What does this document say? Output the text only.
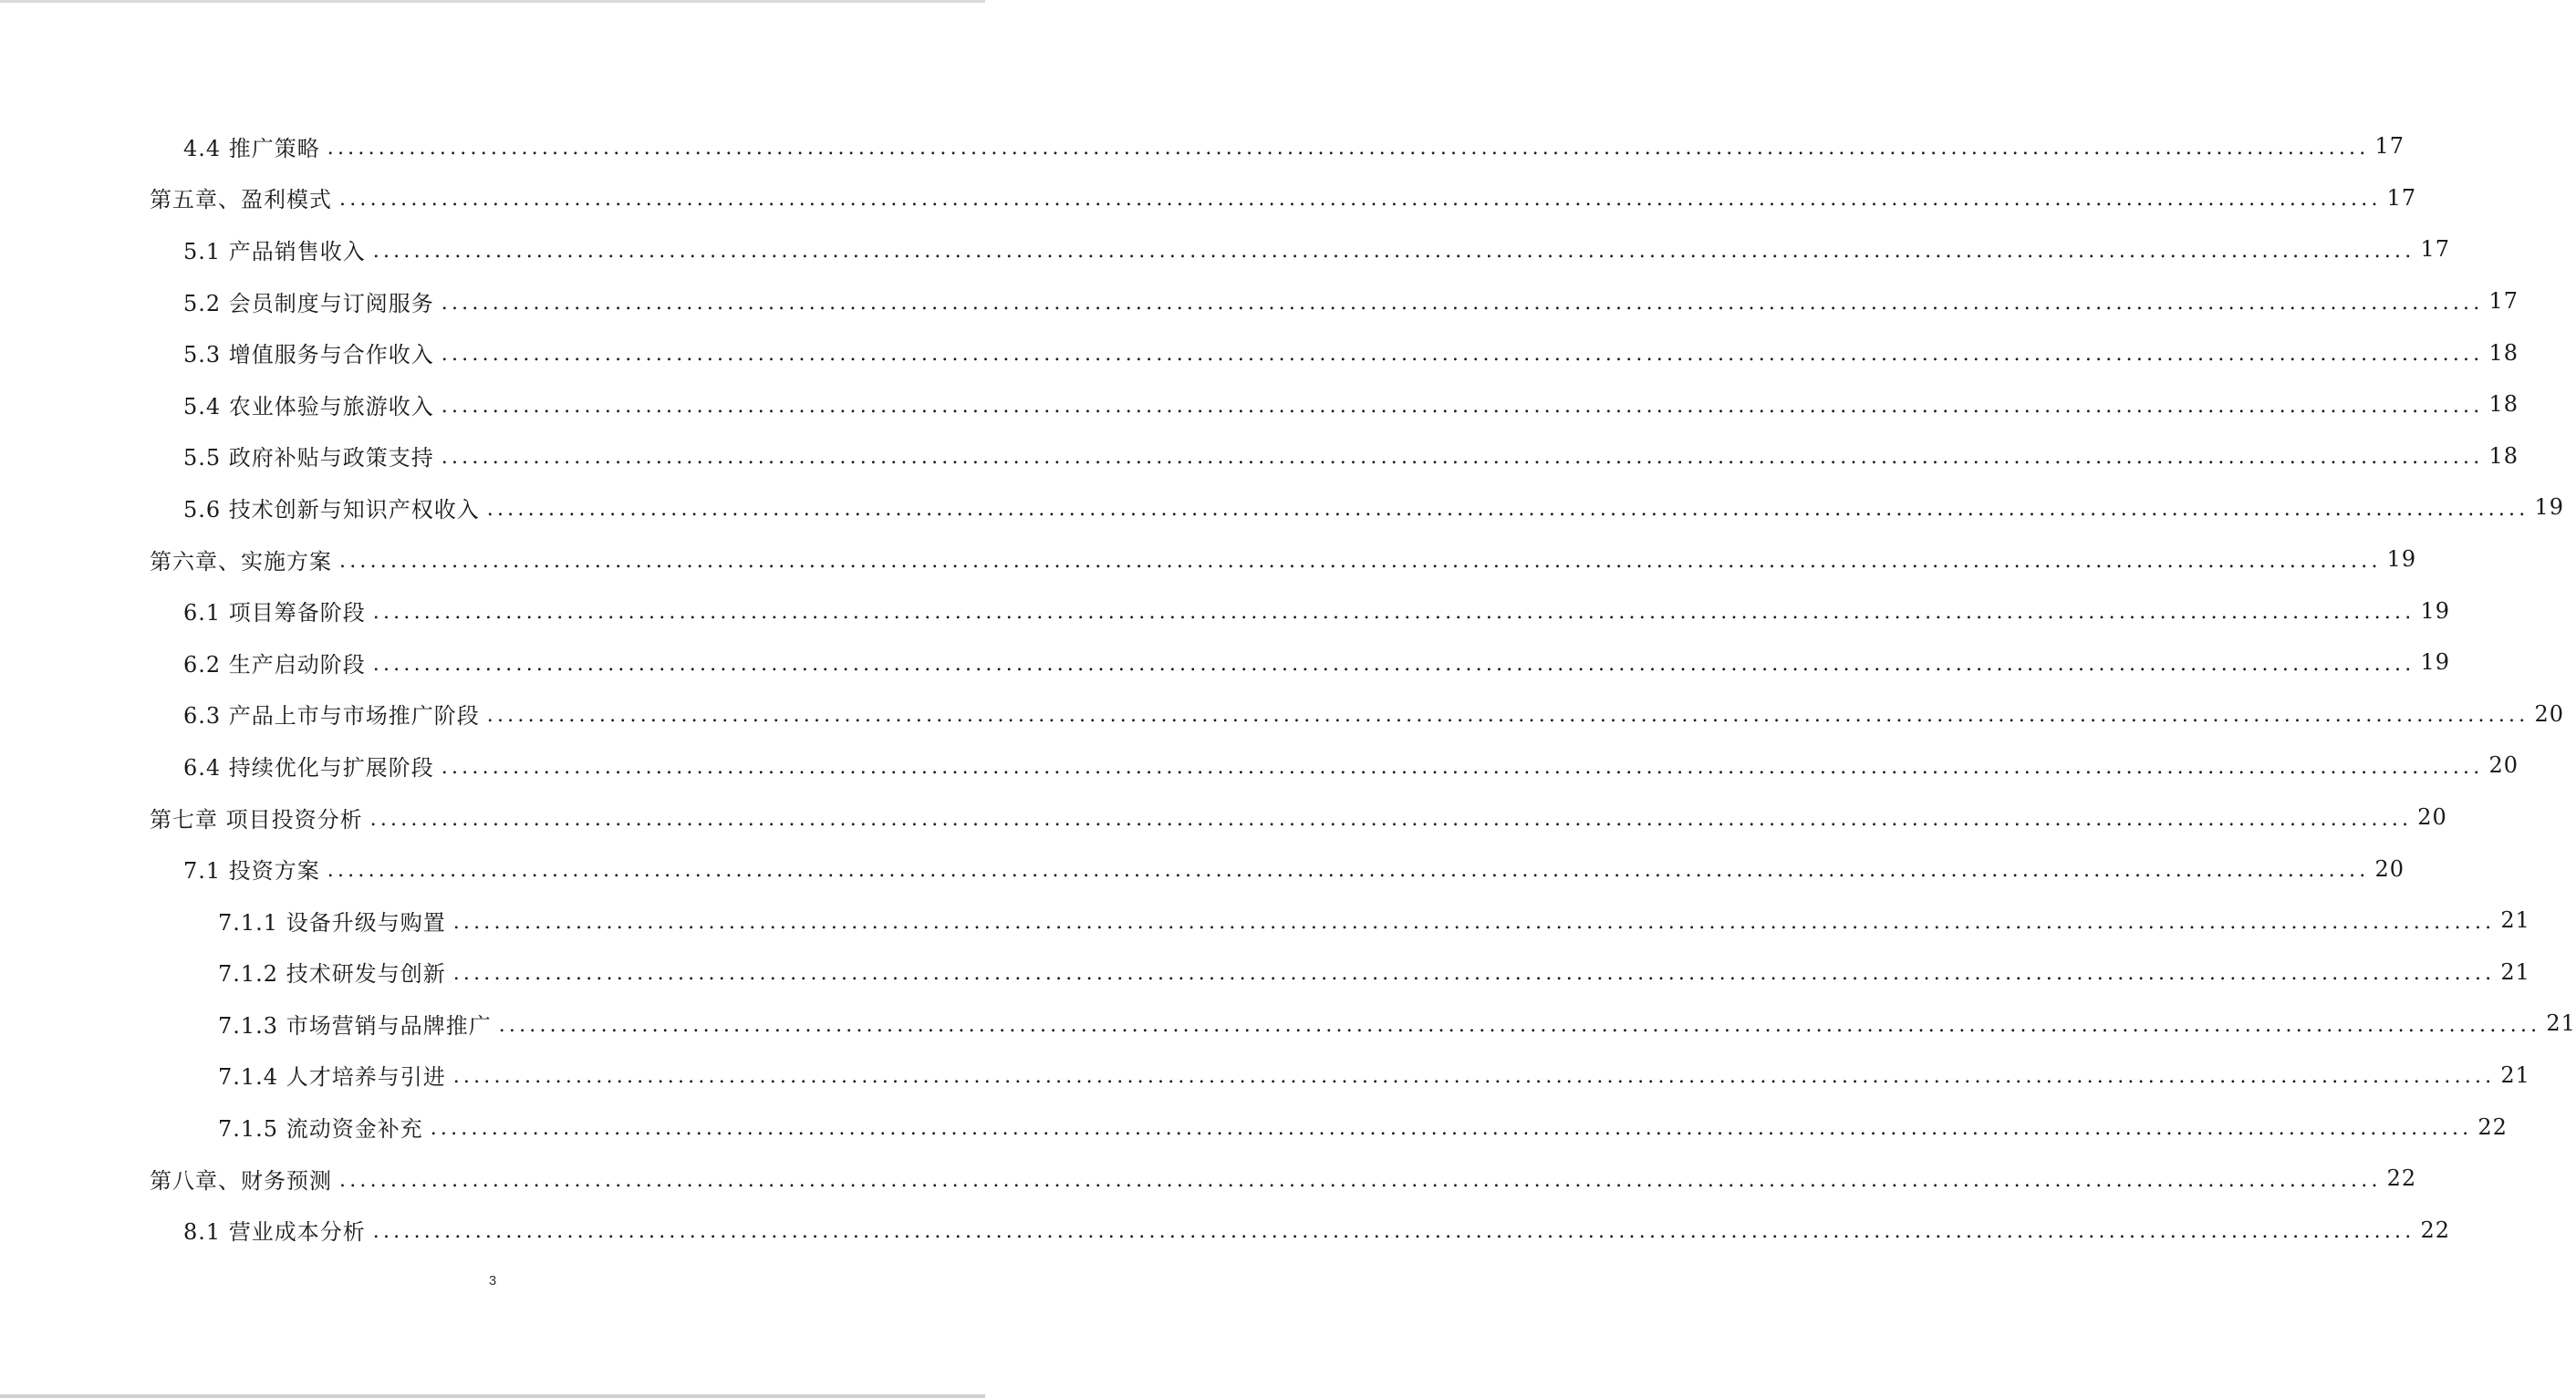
4.4 推广策略 ........................................................................................................................................................................................................ 17
第五章、盈利模式 ........................................................................................................................................................................................................ 17
5.1 产品销售收入 ........................................................................................................................................................................................................ 17
5.2 会员制度与订阅服务 ........................................................................................................................................................................................................ 17
5.3 增值服务与合作收入 ........................................................................................................................................................................................................ 18
5.4 农业体验与旅游收入 ........................................................................................................................................................................................................ 18
5.5 政府补贴与政策支持 ........................................................................................................................................................................................................ 18
5.6 技术创新与知识产权收入 ........................................................................................................................................................................................................ 19
第六章、实施方案 ........................................................................................................................................................................................................ 19
6.1 项目筹备阶段 ........................................................................................................................................................................................................ 19
6.2 生产启动阶段 ........................................................................................................................................................................................................ 19
6.3 产品上市与市场推广阶段 ........................................................................................................................................................................................................ 20
6.4 持续优化与扩展阶段 ........................................................................................................................................................................................................ 20
第七章 项目投资分析 ........................................................................................................................................................................................................ 20
7.1 投资方案 ........................................................................................................................................................................................................ 20
7.1.1 设备升级与购置 ........................................................................................................................................................................................................ 21
7.1.2 技术研发与创新 ........................................................................................................................................................................................................ 21
7.1.3 市场营销与品牌推广 ........................................................................................................................................................................................................ 21
7.1.4 人才培养与引进 ........................................................................................................................................................................................................ 21
7.1.5 流动资金补充 ........................................................................................................................................................................................................ 22
第八章、财务预测 ........................................................................................................................................................................................................ 22
8.1 营业成本分析 ........................................................................................................................................................................................................ 22
3
